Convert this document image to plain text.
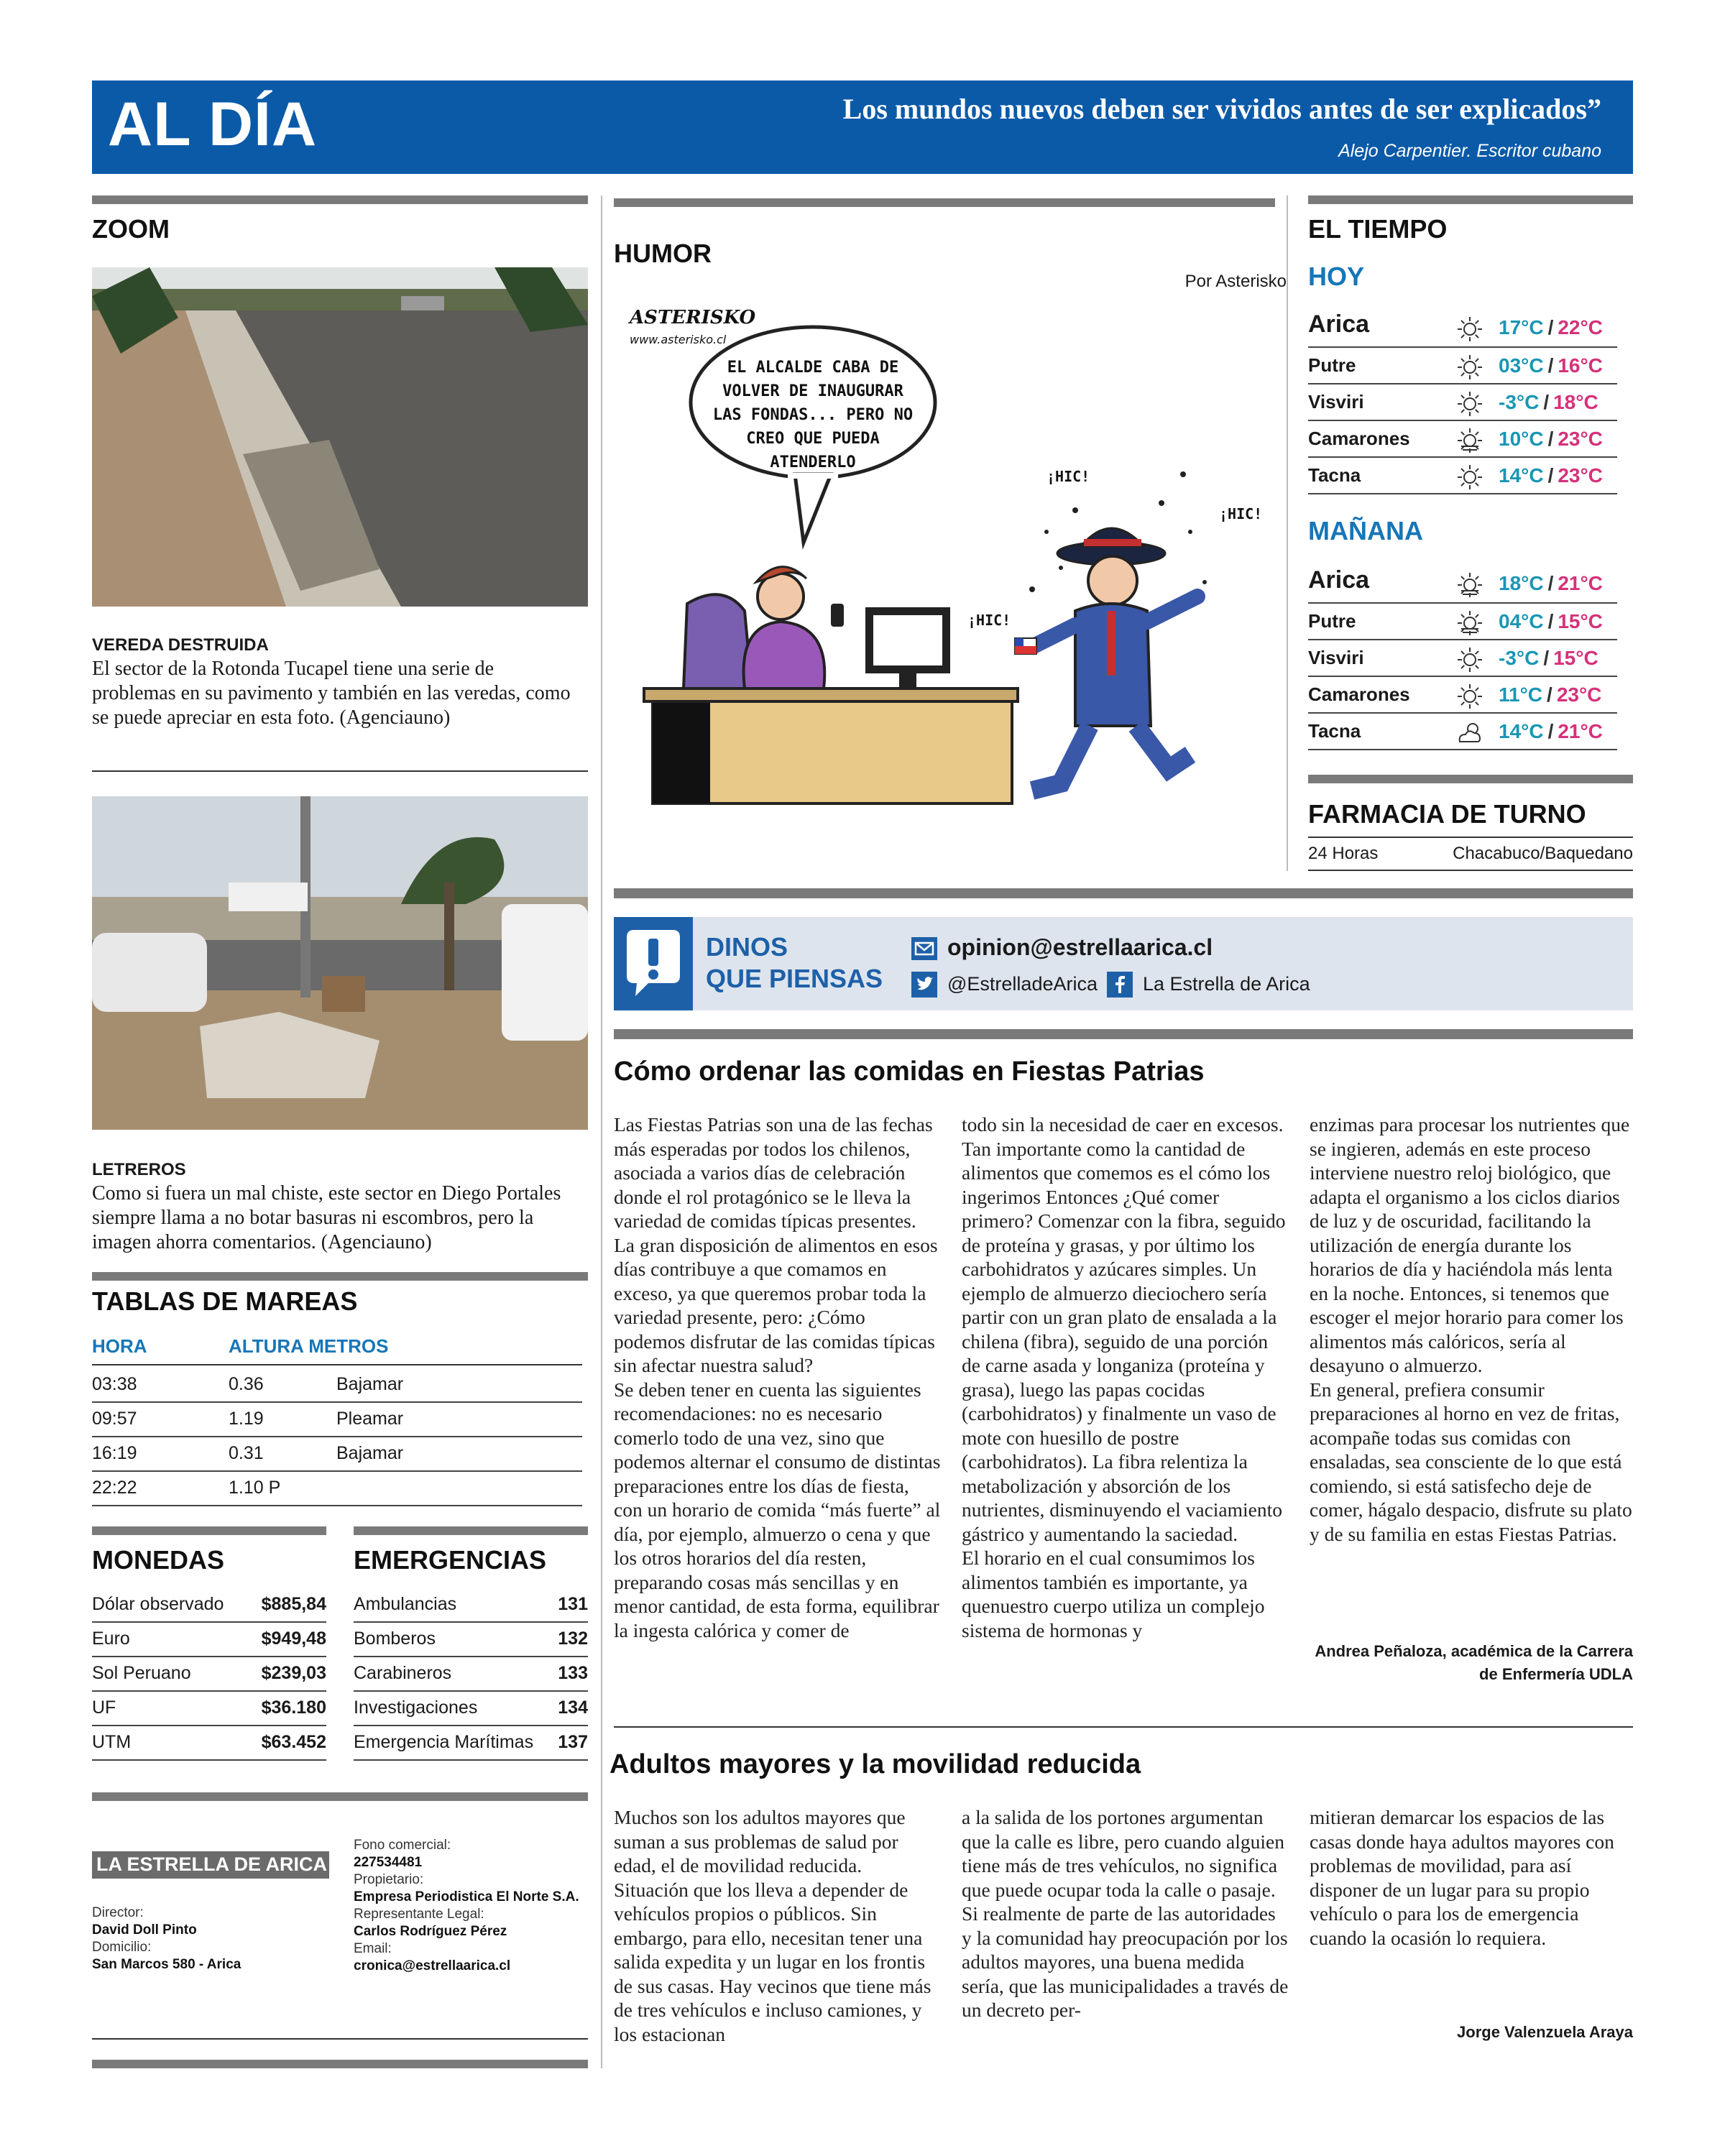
AL DÍA	Los mundos nuevos deben ser vividos antes de ser explicados”
Alejo Carpentier. Escritor cubano
ZOOM
VEREDA DESTRUIDA
El sector de la Rotonda Tucapel tiene una serie de problemas en su pavimento y también en las veredas, como se puede apreciar en esta foto. (Agenciauno)
LETREROS
Como si fuera un mal chiste, este sector en Diego Portales siempre llama a no botar basuras ni escombros, pero la imagen ahorra comentarios. (Agenciauno)
TABLAS DE MAREAS
HORA	ALTURA METROS
03:38	0.36	Bajamar
09:57	1.19	Pleamar
16:19	0.31	Bajamar
22:22	1.10 P
MONEDAS
Dólar observado $885,84
Euro	$949,48
Sol Peruano	$239,03
UF	$36.180
UTM	$63.452
EMERGENCIAS
Ambulancias	131
Bomberos	132
Carabineros	133
Investigaciones	134
Emergencia Marítimas 137
LA ESTRELLA DE ARICA
Director:
David Doll Pinto
Domicilio:
San Marcos 580 - Arica
Fono comercial:
227534481
Propietario:
Empresa Periodistica El Norte S.A.
Representante Legal:
Carlos Rodríguez Pérez
Email:
cronica@estrellaarica.cl
HUMOR
Por Asterisko
EL ALCALDE CABA DE VOLVER DE INAUGURAR LAS FONDAS... PERO NO CREO QUE PUEDA ATENDERLO
¡HIC!
¡HIC!
¡HIC!
ASTERISKO
www.asterisko.cl
EL TIEMPO
HOY
Arica	17°C / 22°C
Putre	03°C / 16°C
Visviri	-3°C / 18°C
Camarones	10°C / 23°C
Tacna	14°C / 23°C
MAÑANA
Arica	18°C / 21°C
Putre	04°C / 15°C
Visviri	-3°C / 15°C
Camarones	11°C / 23°C
Tacna	14°C / 21°C
FARMACIA DE TURNO
24 Horas	Chacabuco/Baquedano
DINOS
QUE PIENSAS
opinion@estrellaarica.cl
@EstrelladeArica La Estrella de Arica
Cómo ordenar las comidas en Fiestas Patrias
Las Fiestas Patrias son una de las fechas más esperadas por todos los chilenos, asociada a varios días de celebración donde el rol protagónico se le lleva la variedad de comidas típicas presentes.
La gran disposición de alimentos en esos días contribuye a que comamos en exceso, ya que queremos probar toda la variedad presente, pero: ¿Cómo podemos disfrutar de las comidas típicas sin afectar nuestra salud?
Se deben tener en cuenta las siguientes recomendaciones: no es necesario comerlo todo de una vez, sino que podemos alternar el consumo de distintas preparaciones entre los días de fiesta, con un horario de comida “más fuerte” al día, por ejemplo, almuerzo o cena y que los otros horarios del día resten, preparando cosas más sencillas y en menor cantidad, de esta forma, equilibrar la ingesta calórica y comer de
todo sin la necesidad de caer en excesos.
Tan importante como la cantidad de alimentos que comemos es el cómo los ingerimos Entonces ¿Qué comer primero? Comenzar con la fibra, seguido de proteína y grasas, y por último los carbohidratos y azúcares simples. Un ejemplo de almuerzo dieciochero sería partir con un gran plato de ensalada a la chilena (fibra), seguido de una porción de carne asada y longaniza (proteína y grasa), luego las papas cocidas (carbohidratos) y finalmente un vaso de mote con huesillo de postre (carbohidratos). La fibra relentiza la metabolización y absorción de los nutrientes, disminuyendo el vaciamiento gástrico y aumentando la saciedad.
El horario en el cual consumimos los alimentos también es importante, ya quenuestro cuerpo utiliza un complejo sistema de hormonas y
enzimas para procesar los nutrientes que se ingieren, además en este proceso interviene nuestro reloj biológico, que adapta el organismo a los ciclos diarios de luz y de oscuridad, facilitando la utilización de energía durante los horarios de día y haciéndola más lenta en la noche. Entonces, si tenemos que escoger el mejor horario para comer los alimentos más calóricos, sería al desayuno o almuerzo.
En general, prefiera consumir preparaciones al horno en vez de fritas, acompañe todas sus comidas con ensaladas, sea consciente de lo que está comiendo, si está satisfecho deje de comer, hágalo despacio, disfrute su plato y de su familia en estas Fiestas Patrias.
Andrea Peñaloza, académica de la Carrera
de Enfermería UDLA
Adultos mayores y la movilidad reducida
Muchos son los adultos mayores que suman a sus problemas de salud por edad, el de movilidad reducida. Situación que los lleva a depender de vehículos propios o públicos. Sin embargo, para ello, necesitan tener una salida expedita y un lugar en los frontis de sus casas. Hay vecinos que tiene más de tres vehículos e incluso camiones, y los estacionan
a la salida de los portones argumentan que la calle es libre, pero cuando alguien tiene más de tres vehículos, no significa que puede ocupar toda la calle o pasaje.
Si realmente de parte de las autoridades y la comunidad hay preocupación por los adultos mayores, una buena medida sería, que las municipalidades a través de un decreto per-
mitieran demarcar los espacios de las casas donde haya adultos mayores con problemas de movilidad, para así disponer de un lugar para su propio vehículo o para los de emergencia cuando la ocasión lo requiera.
Jorge Valenzuela Araya
